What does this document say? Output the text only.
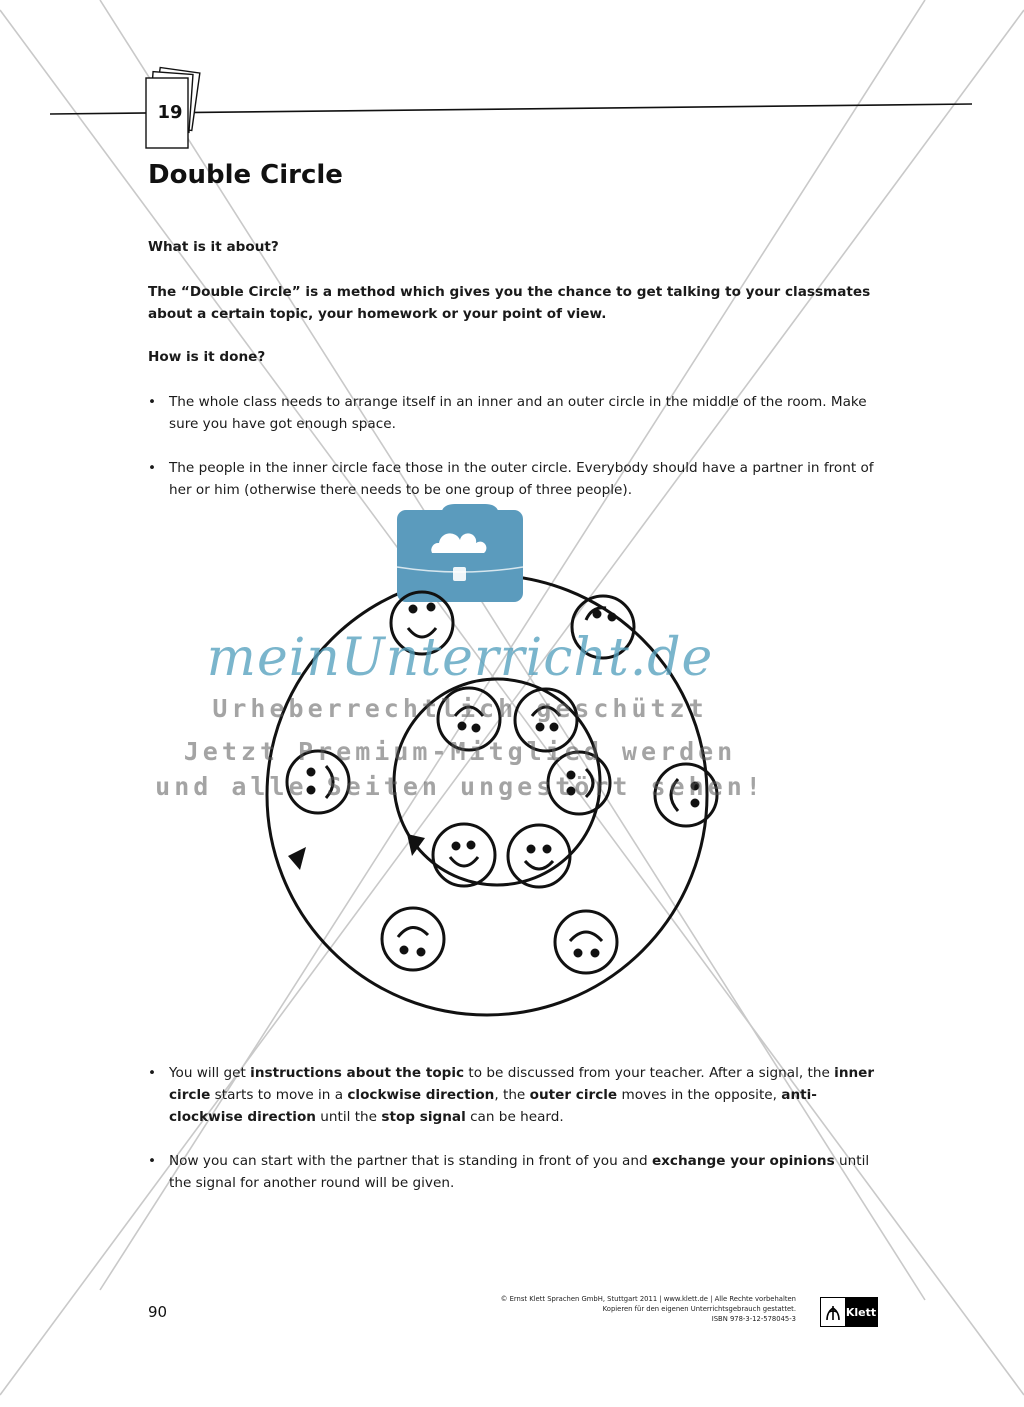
19
Double Circle

What is it about?

The “Double Circle” is a method which gives you the chance to get talking to your classmates about a certain topic, your homework or your point of view.

How is it done?

• The whole class needs to arrange itself in an inner and an outer circle in the middle of the room. Make sure you have got enough space.
• The people in the inner circle face those in the outer circle. Everybody should have a partner in front of her or him (otherwise there needs to be one group of three people).
meinUnterricht.de
Urheberrechtlich geschützt
Jetzt Premium-Mitglied werden
und alle Seiten ungestört sehen!
• You will get instructions about the topic to be discussed from your teacher. After a signal, the inner circle starts to move in a clockwise direction, the outer circle moves in the opposite, anti-clockwise direction until the stop signal can be heard.
• Now you can start with the partner that is standing in front of you and exchange your opinions until the signal for another round will be given.
90
© Ernst Klett Sprachen GmbH, Stuttgart 2011 | www.klett.de | Alle Rechte vorbehalten
Kopieren für den eigenen Unterrichtsgebrauch gestattet.
ISBN 978-3-12-578045-3
Klett
